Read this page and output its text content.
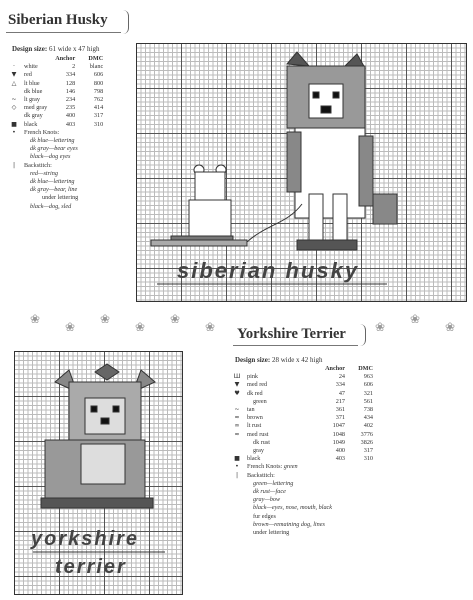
Siberian Husky
Design size: 61 wide x 47 high
		Anchor	DMC
·	white	2	blanc
▼	red	334	606
△	lt blue	128	800
	dk blue	146	798
~	lt gray	234	762
◇	med gray	235	414
	dk gray	400	317
■	black	403	310
•	French Knots:		
	dk blue—lettering		
	dk gray—bear eyes		
	black—dog eyes		
|	Backstitch:		
	red—string		
	dk blue—lettering		
	dk gray—bear, line		
	under lettering		
	black—dog, sled		
siberian husky
❀
❀
❀
❀
❀
❀	❀
❀
❀
Yorkshire Terrier
Design size: 28 wide x 42 high
		Anchor	DMC
Ш	pink	24	963
▼	med red	334	606
♥	dk red	47	321
	green	217	561
~	tan	361	738
≈	brown	371	434
∞	lt rust	1047	402
≈	med rust	1048	3776
	dk rust	1049	3826
	gray	400	317
■	black	403	310
•	French Knots: green		
|	Backstitch:		
	green—lettering		
	dk rust—face		
	gray—bow		
	black—eyes, nose, mouth, black		
	fur edges		
	brown—remaining dog, lines		
	under lettering		
yorkshire
terrier
